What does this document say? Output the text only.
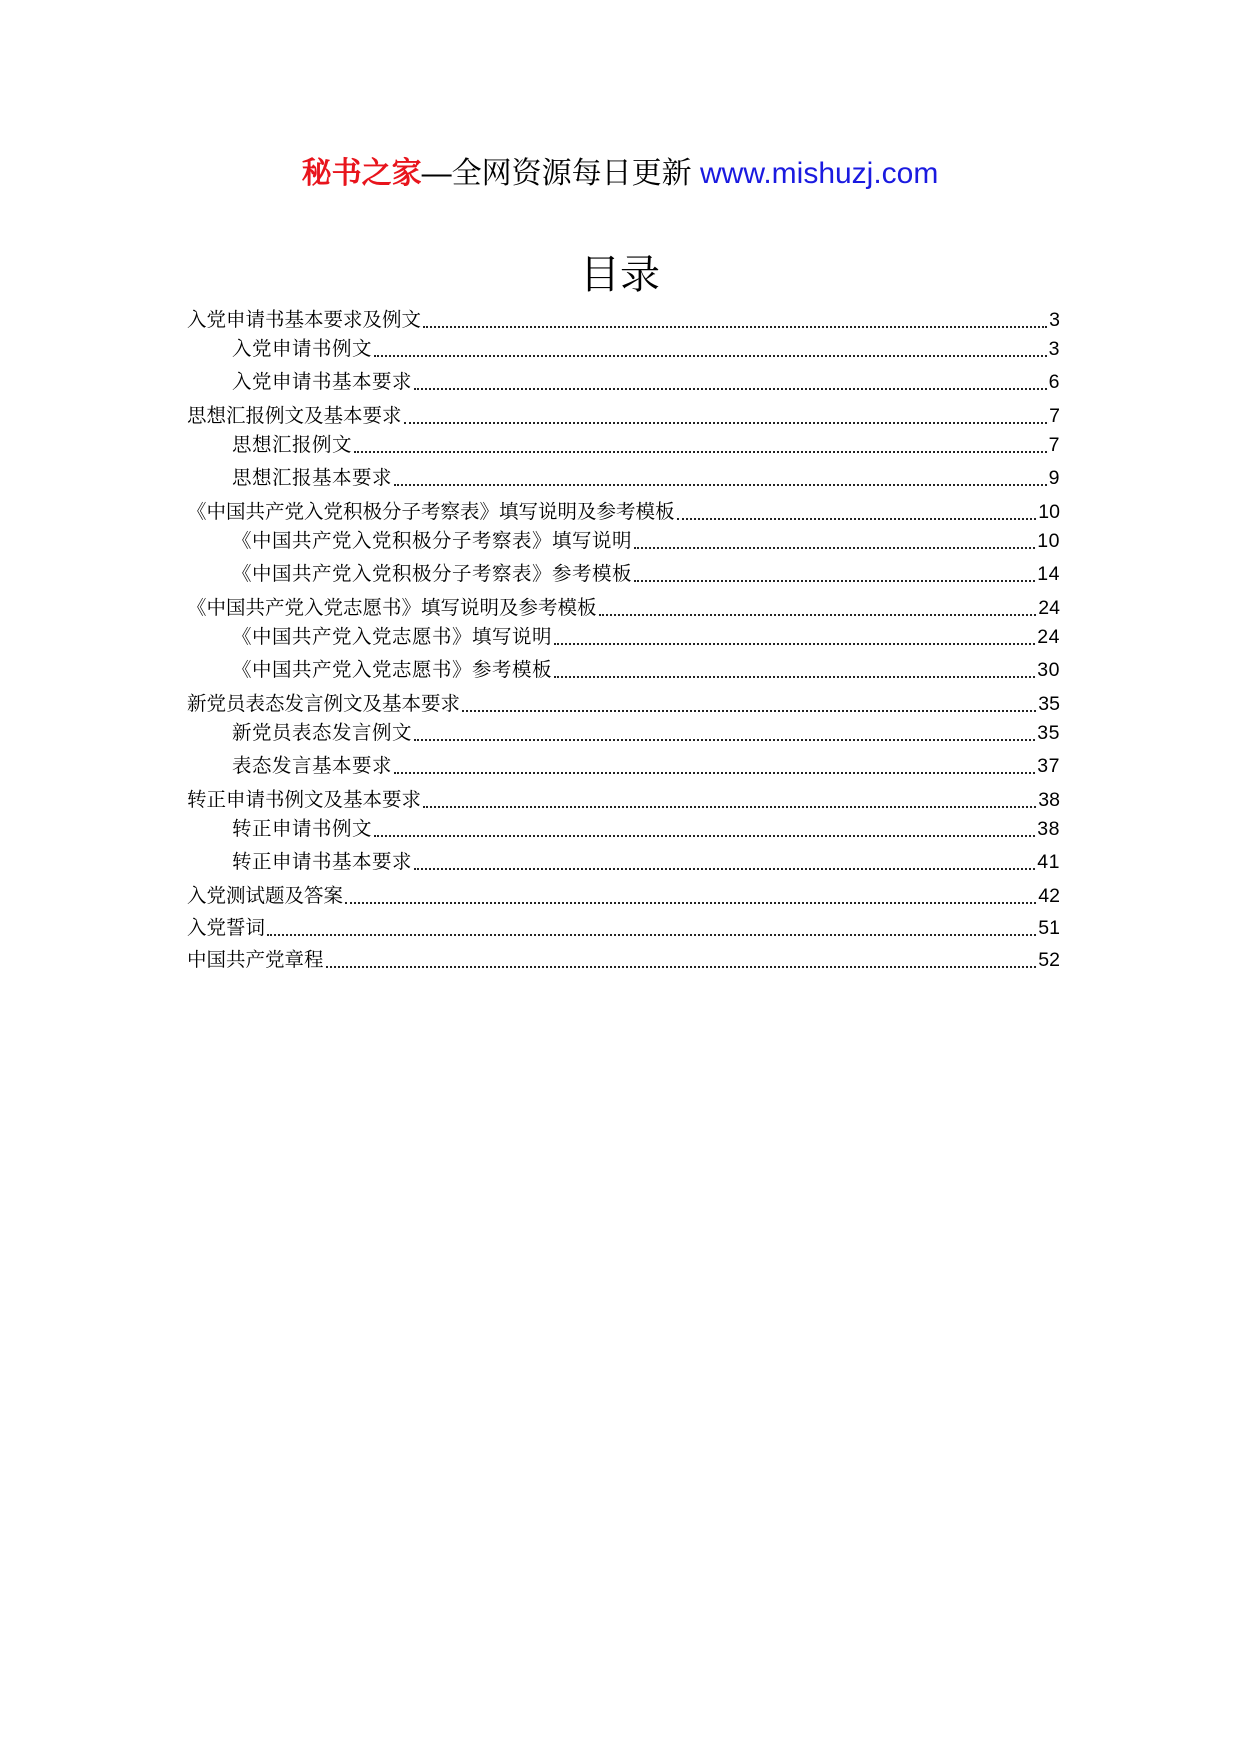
秘书之家—全网资源每日更新 www.mishuzj.com
目录
入党申请书基本要求及例文	3
入党申请书例文	3
入党申请书基本要求	6
思想汇报例文及基本要求	7
思想汇报例文	7
思想汇报基本要求	9
《中国共产党入党积极分子考察表》填写说明及参考模板	10
《中国共产党入党积极分子考察表》填写说明	10
《中国共产党入党积极分子考察表》参考模板	14
《中国共产党入党志愿书》填写说明及参考模板	24
《中国共产党入党志愿书》填写说明	24
《中国共产党入党志愿书》参考模板	30
新党员表态发言例文及基本要求	35
新党员表态发言例文	35
表态发言基本要求	37
转正申请书例文及基本要求	38
转正申请书例文	38
转正申请书基本要求	41
入党测试题及答案	42
入党誓词	51
中国共产党章程	52
